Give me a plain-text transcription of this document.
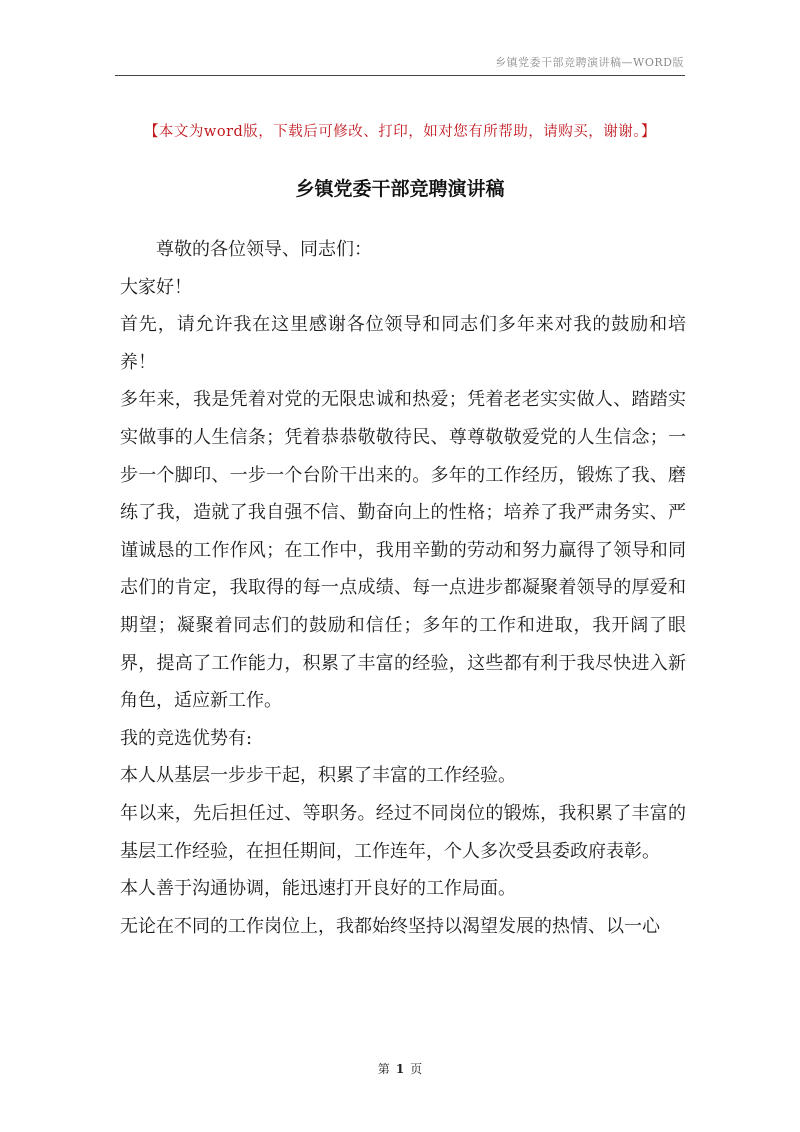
乡镇党委干部竞聘演讲稿—WORD版
【本文为word版，下载后可修改、打印，如对您有所帮助，请购买，谢谢。】
乡镇党委干部竞聘演讲稿

尊敬的各位领导、同志们：

大家好！

首先，请允许我在这里感谢各位领导和同志们多年来对我的鼓励和培养！

多年来，我是凭着对党的无限忠诚和热爱；凭着老老实实做人、踏踏实实做事的人生信条；凭着恭恭敬敬待民、尊尊敬敬爱党的人生信念；一步一个脚印、一步一个台阶干出来的。多年的工作经历，锻炼了我、磨练了我，造就了我自强不信、勤奋向上的性格；培养了我严肃务实、严谨诚恳的工作作风；在工作中，我用辛勤的劳动和努力赢得了领导和同志们的肯定，我取得的每一点成绩、每一点进步都凝聚着领导的厚爱和期望；凝聚着同志们的鼓励和信任；多年的工作和进取，我开阔了眼界，提高了工作能力，积累了丰富的经验，这些都有利于我尽快进入新角色，适应新工作。

我的竞选优势有:

本人从基层一步步干起，积累了丰富的工作经验。

年以来，先后担任过、等职务。经过不同岗位的锻炼，我积累了丰富的基层工作经验，在担任期间，工作连年，个人多次受县委政府表彰。

本人善于沟通协调，能迅速打开良好的工作局面。

无论在不同的工作岗位上，我都始终坚持以渴望发展的热情、以一心

第 1 页
